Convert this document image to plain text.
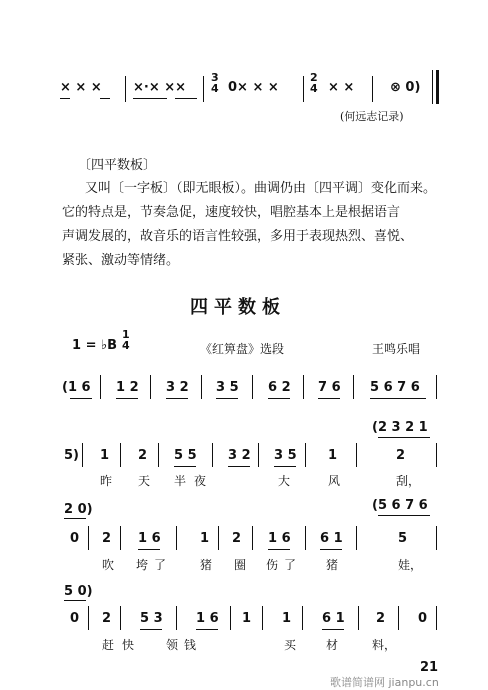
× × × ×·× ××
3
4 0× × ×
2
4 × ×	⊗ 0)
(何远志记录)
〔四平数板〕
又叫〔一字板〕（即无眼板）。曲调仍由〔四平调〕变化而来。
它的特点是，节奏急促，速度较快，唱腔基本上是根据语言
声调发展的，故音乐的语言性较强，多用于表现热烈、喜悦、
紧张、激动等情绪。
四平数板
1 = ♭B
1
4	《红箅盘》选段	王鸣乐唱
(1 6 1 2 3 2 3 5 6 2 7 6 5 6 7 6
(2 3 2 1
5) 1 2 5 5 3 2 3 5 1	2
昨 天 半夜	大	风	刮，
2 0)	(5 6 7 6
0 2 1 6	1 2 1 6 6 1	5
吹 垮了 猪 圈 伤了 猪	娃，
5 0)
0 2 5 3	1 6 1 1 6 1 2	0
赶 快	领钱	买 材	料，
21
歌谱简谱网 jianpu.cn
